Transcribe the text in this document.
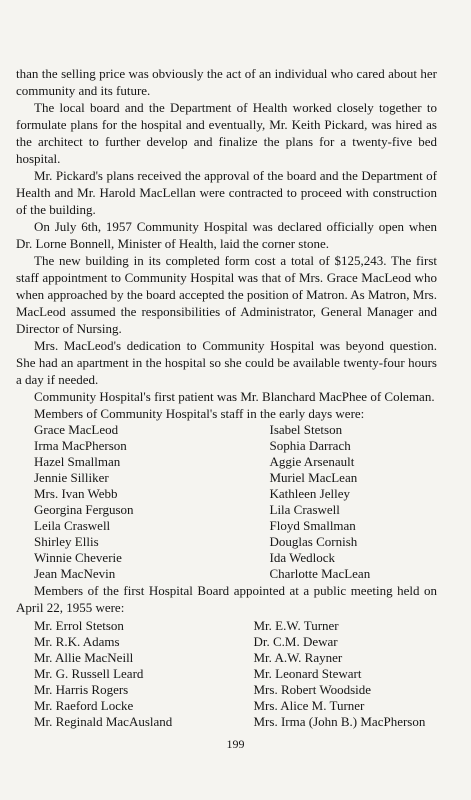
than the selling price was obviously the act of an individual who cared about her community and its future.

The local board and the Department of Health worked closely together to formulate plans for the hospital and eventually, Mr. Keith Pickard, was hired as the architect to further develop and finalize the plans for a twenty-five bed hospital.

Mr. Pickard's plans received the approval of the board and the Department of Health and Mr. Harold MacLellan were contracted to proceed with construction of the building.

On July 6th, 1957 Community Hospital was declared officially open when Dr. Lorne Bonnell, Minister of Health, laid the corner stone.

The new building in its completed form cost a total of $125,243. The first staff appointment to Community Hospital was that of Mrs. Grace MacLeod who when approached by the board accepted the position of Matron. As Matron, Mrs. MacLeod assumed the responsibilities of Administrator, General Manager and Director of Nursing.

Mrs. MacLeod's dedication to Community Hospital was beyond question. She had an apartment in the hospital so she could be available twenty-four hours a day if needed.

Community Hospital's first patient was Mr. Blanchard MacPhee of Coleman.

Members of Community Hospital's staff in the early days were:

Grace MacLeod	Isabel Stetson
Irma MacPherson	Sophia Darrach
Hazel Smallman	Aggie Arsenault
Jennie Silliker	Muriel MacLean
Mrs. Ivan Webb	Kathleen Jelley
Georgina Ferguson	Lila Craswell
Leila Craswell	Floyd Smallman
Shirley Ellis	Douglas Cornish
Winnie Cheverie	Ida Wedlock
Jean MacNevin	Charlotte MacLean

Members of the first Hospital Board appointed at a public meeting held on April 22, 1955 were:

Mr. Errol Stetson	Mr. E.W. Turner
Mr. R.K. Adams	Dr. C.M. Dewar
Mr. Allie MacNeill	Mr. A.W. Rayner
Mr. G. Russell Leard	Mr. Leonard Stewart
Mr. Harris Rogers	Mrs. Robert Woodside
Mr. Raeford Locke	Mrs. Alice M. Turner
Mr. Reginald MacAusland	Mrs. Irma (John B.) MacPherson
199
